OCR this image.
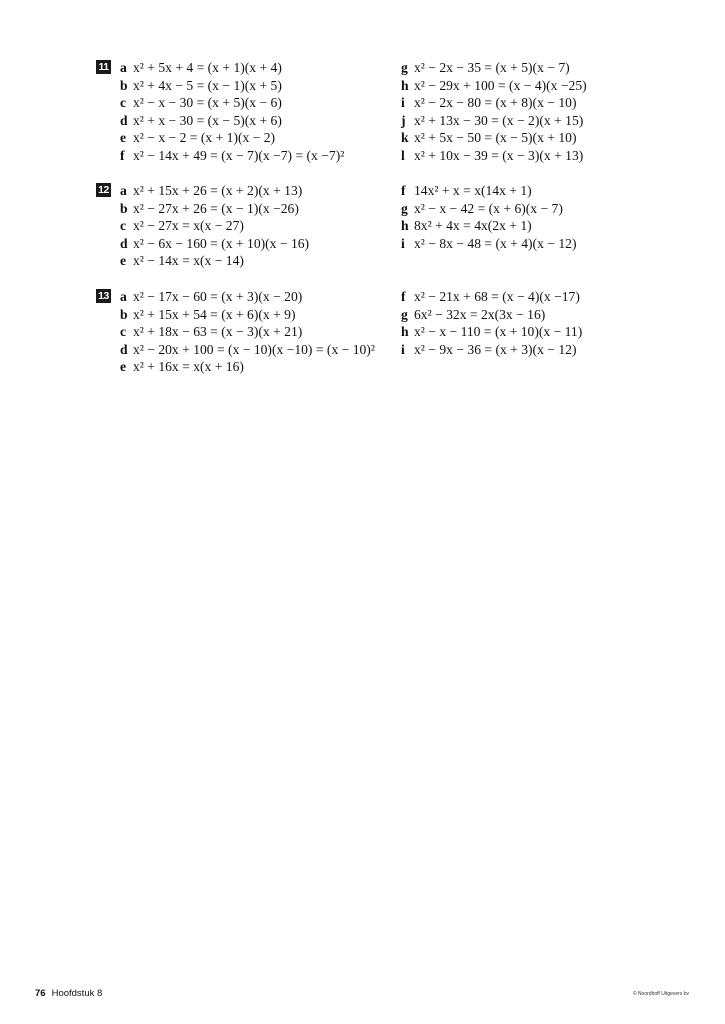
11 a x² + 5x + 4 = (x + 1)(x + 4)
b x² + 4x − 5 = (x − 1)(x + 5)
c x² − x − 30 = (x + 5)(x − 6)
d x² + x − 30 = (x − 5)(x + 6)
e x² − x − 2 = (x + 1)(x − 2)
f x² − 14x + 49 = (x − 7)(x −7) = (x −7)²
g x² − 2x − 35 = (x + 5)(x − 7)
h x² − 29x + 100 = (x − 4)(x −25)
i x² − 2x − 80 = (x + 8)(x − 10)
j x² + 13x − 30 = (x − 2)(x + 15)
k x² + 5x − 50 = (x − 5)(x + 10)
l x² + 10x − 39 = (x − 3)(x + 13)
12 a x² + 15x + 26 = (x + 2)(x + 13)
b x² − 27x + 26 = (x − 1)(x −26)
c x² − 27x = x(x − 27)
d x² − 6x − 160 = (x + 10)(x − 16)
e x² − 14x = x(x − 14)
f 14x² + x = x(14x + 1)
g x² − x − 42 = (x + 6)(x − 7)
h 8x² + 4x = 4x(2x + 1)
i x² − 8x − 48 = (x + 4)(x − 12)
13 a x² − 17x − 60 = (x + 3)(x − 20)
b x² + 15x + 54 = (x + 6)(x + 9)
c x² + 18x − 63 = (x − 3)(x + 21)
d x² − 20x + 100 = (x − 10)(x −10) = (x − 10)²
e x² + 16x = x(x + 16)
f x² − 21x + 68 = (x − 4)(x −17)
g 6x² − 32x = 2x(3x − 16)
h x² − x − 110 = (x + 10)(x − 11)
i x² − 9x − 36 = (x + 3)(x − 12)
76 Hoofdstuk 8	© Noordhoff Uitgevers bv
